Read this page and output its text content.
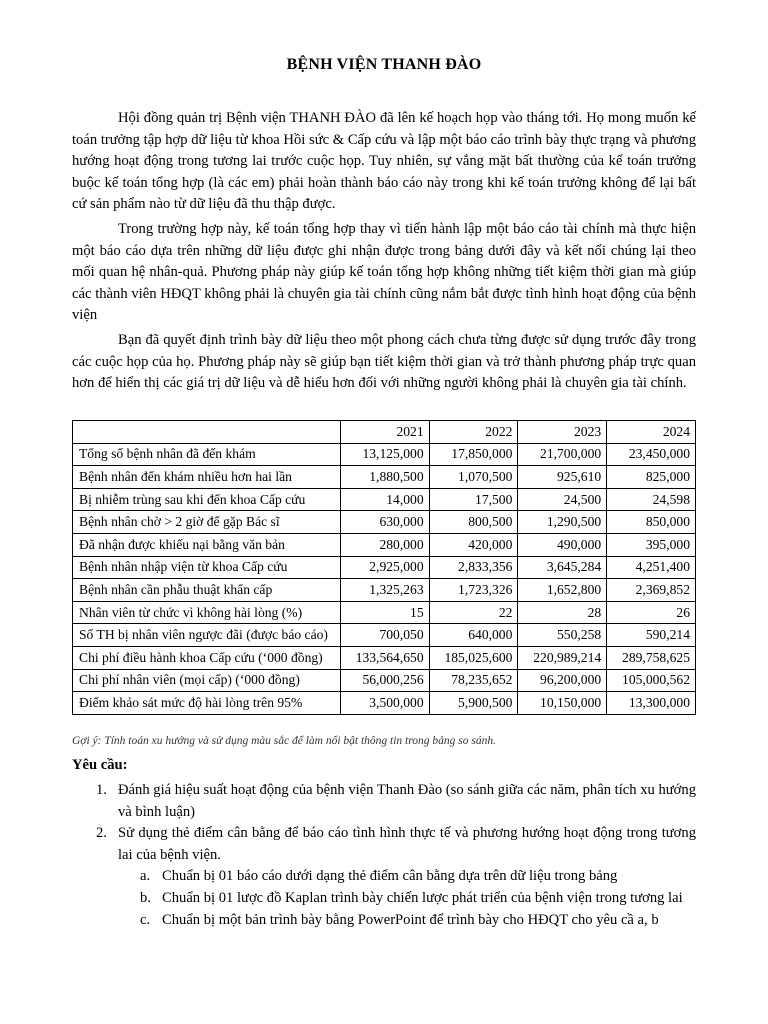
BỆNH VIỆN THANH ĐÀO

Hội đồng quản trị Bệnh viện THANH ĐÀO đã lên kế hoạch họp vào tháng tới. Họ mong muốn kế toán trưởng tập hợp dữ liệu từ khoa Hồi sức & Cấp cứu và lập một báo cáo trình bày thực trạng và phương hướng hoạt động trong tương lai trước cuộc họp. Tuy nhiên, sự vắng mặt bất thường của kế toán trưởng buộc kế toán tổng hợp (là các em) phải hoàn thành báo cáo này trong khi kế toán trưởng không để lại bất cứ sản phẩm nào từ dữ liệu đã thu thập được.

Trong trường hợp này, kế toán tổng hợp thay vì tiến hành lập một báo cáo tài chính mà thực hiện một báo cáo dựa trên những dữ liệu được ghi nhận được trong bảng dưới đây và kết nối chúng lại theo mối quan hệ nhân-quả. Phương pháp này giúp kế toán tổng hợp không những tiết kiệm thời gian mà giúp các thành viên HĐQT không phải là chuyên gia tài chính cũng nắm bắt được tình hình hoạt động của bệnh viện

Bạn đã quyết định trình bày dữ liệu theo một phong cách chưa từng được sử dụng trước đây trong các cuộc họp của họ. Phương pháp này sẽ giúp bạn tiết kiệm thời gian và trở thành phương pháp trực quan hơn để hiển thị các giá trị dữ liệu và dễ hiểu hơn đối với những người không phải là chuyên gia tài chính.

	2021	2022	2023	2024
Tổng số bệnh nhân đã đến khám	13,125,000	17,850,000	21,700,000	23,450,000
Bệnh nhân đến khám nhiều hơn hai lần	1,880,500	1,070,500	925,610	825,000
Bị nhiễm trùng sau khi đến khoa Cấp cứu	14,000	17,500	24,500	24,598
Bệnh nhân chờ > 2 giờ để gặp Bác sĩ	630,000	800,500	1,290,500	850,000
Đã nhận được khiếu nại bằng văn bản	280,000	420,000	490,000	395,000
Bệnh nhân nhập viện từ khoa Cấp cứu	2,925,000	2,833,356	3,645,284	4,251,400
Bệnh nhân cần phẫu thuật khẩn cấp	1,325,263	1,723,326	1,652,800	2,369,852
Nhân viên từ chức vì không hài lòng (%)	15	22	28	26
Số TH bị nhân viên ngược đãi (được báo cáo)	700,050	640,000	550,258	590,214
Chi phí điều hành khoa Cấp cứu (‘000 đồng)	133,564,650	185,025,600	220,989,214	289,758,625
Chi phí nhân viên (mọi cấp) (‘000 đồng)	56,000,256	78,235,652	96,200,000	105,000,562
Điểm khảo sát mức độ hài lòng trên 95%	3,500,000	5,900,500	10,150,000	13,300,000
Gợi ý: Tính toán xu hướng và sử dụng màu sắc để làm nổi bật thông tin trong bảng so sánh.
Yêu cầu:
1. Đánh giá hiệu suất hoạt động của bệnh viện Thanh Đào (so sánh giữa các năm, phân tích xu hướng và bình luận)
2. Sử dụng thẻ điểm cân bằng để báo cáo tình hình thực tế và phương hướng hoạt động trong tương lai của bệnh viện.
a. Chuẩn bị 01 báo cáo dưới dạng thẻ điểm cân bằng dựa trên dữ liệu trong bảng
b. Chuẩn bị 01 lược đồ Kaplan trình bày chiến lược phát triển của bệnh viện trong tương lai
c. Chuẩn bị một bản trình bày bằng PowerPoint để trình bày cho HĐQT cho yêu cầ a, b
